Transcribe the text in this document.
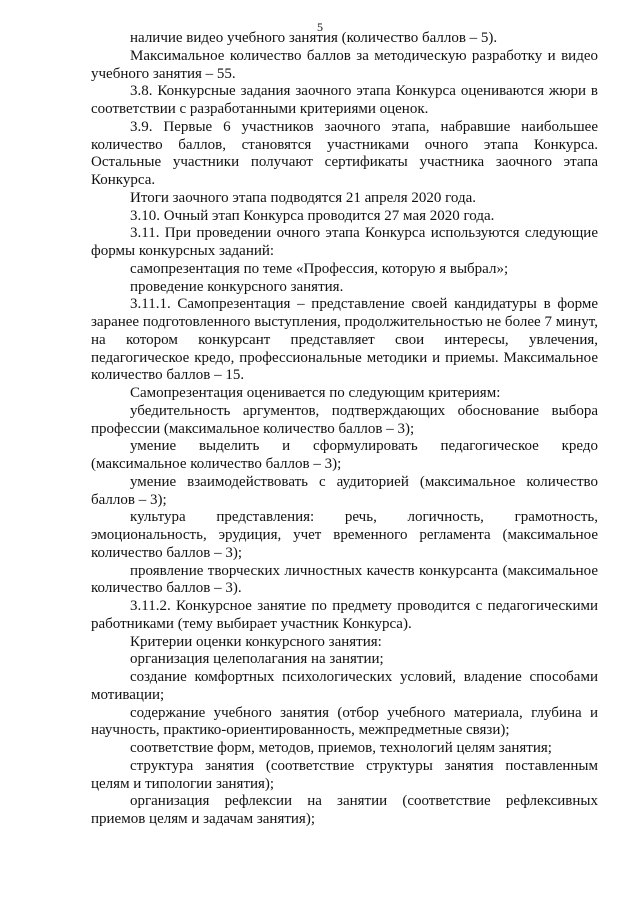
5

наличие видео учебного занятия (количество баллов – 5).

Максимальное количество баллов за методическую разработку и видео учебного занятия – 55.

3.8. Конкурсные задания заочного этапа Конкурса оцениваются жюри в соответствии с разработанными критериями оценок.

3.9. Первые 6 участников заочного этапа, набравшие наибольшее количество баллов, становятся участниками очного этапа Конкурса. Остальные участники получают сертификаты участника заочного этапа Конкурса.

Итоги заочного этапа подводятся 21 апреля 2020 года.

3.10. Очный этап Конкурса проводится 27 мая 2020 года.

3.11. При проведении очного этапа Конкурса используются следующие формы конкурсных заданий:

самопрезентация по теме «Профессия, которую я выбрал»;

проведение конкурсного занятия.

3.11.1. Самопрезентация – представление своей кандидатуры в форме заранее подготовленного выступления, продолжительностью не более 7 минут, на котором конкурсант представляет свои интересы, увлечения, педагогическое кредо, профессиональные методики и приемы. Максимальное количество баллов – 15.

Самопрезентация оценивается по следующим критериям:

убедительность аргументов, подтверждающих обоснование выбора профессии (максимальное количество баллов – 3);

умение выделить и сформулировать педагогическое кредо (максимальное количество баллов – 3);

умение взаимодействовать с аудиторией (максимальное количество баллов – 3);

культура представления: речь, логичность, грамотность, эмоциональность, эрудиция, учет временного регламента (максимальное количество баллов – 3);

проявление творческих личностных качеств конкурсанта (максимальное количество баллов – 3).

3.11.2. Конкурсное занятие по предмету проводится с педагогическими работниками (тему выбирает участник Конкурса).

Критерии оценки конкурсного занятия:

организация целеполагания на занятии;

создание комфортных психологических условий, владение способами мотивации;

содержание учебного занятия (отбор учебного материала, глубина и научность, практико-ориентированность, межпредметные связи);

соответствие форм, методов, приемов, технологий целям занятия;

структура занятия (соответствие структуры занятия поставленным целям и типологии занятия);

организация рефлексии на занятии (соответствие рефлексивных приемов целям и задачам занятия);
